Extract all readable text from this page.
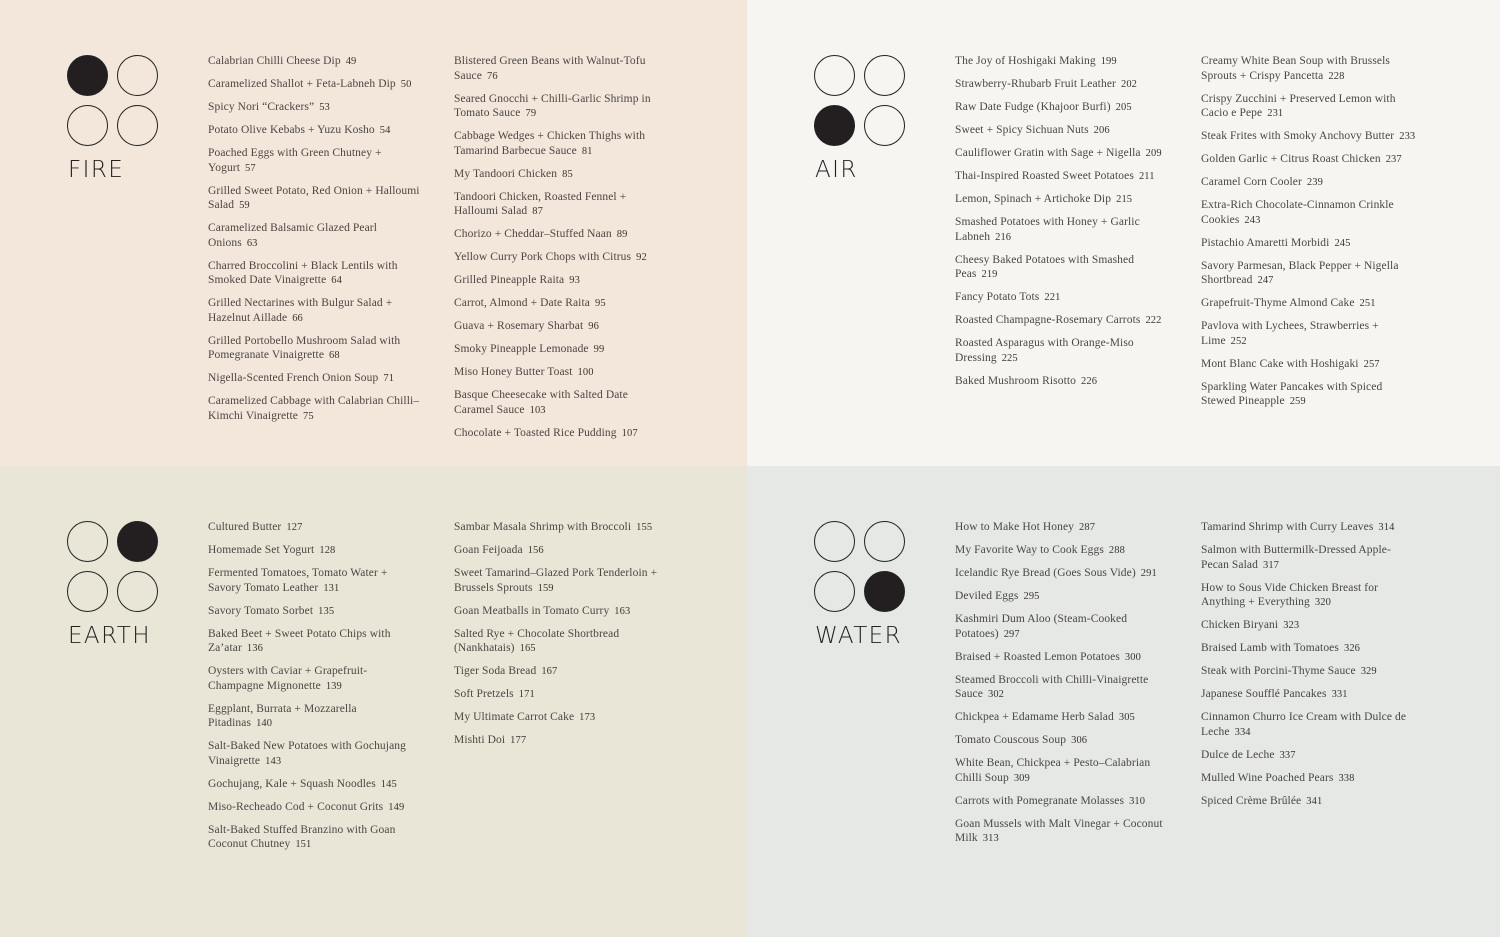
FIRE
Calabrian Chilli Cheese Dip 49
Caramelized Shallot + Feta-Labneh Dip 50
Spicy Nori “Crackers” 53
Potato Olive Kebabs + Yuzu Kosho 54
Poached Eggs with Green Chutney + Yogurt 57
Grilled Sweet Potato, Red Onion + Halloumi Salad 59
Caramelized Balsamic Glazed Pearl Onions 63
Charred Broccolini + Black Lentils with Smoked Date Vinaigrette 64
Grilled Nectarines with Bulgur Salad + Hazelnut Aillade 66
Grilled Portobello Mushroom Salad with Pomegranate Vinaigrette 68
Nigella-Scented French Onion Soup 71
Caramelized Cabbage with Calabrian Chilli–Kimchi Vinaigrette 75
Blistered Green Beans with Walnut-Tofu Sauce 76
Seared Gnocchi + Chilli-Garlic Shrimp in Tomato Sauce 79
Cabbage Wedges + Chicken Thighs with Tamarind Barbecue Sauce 81
My Tandoori Chicken 85
Tandoori Chicken, Roasted Fennel + Halloumi Salad 87
Chorizo + Cheddar–Stuffed Naan 89
Yellow Curry Pork Chops with Citrus 92
Grilled Pineapple Raita 93
Carrot, Almond + Date Raita 95
Guava + Rosemary Sharbat 96
Smoky Pineapple Lemonade 99
Miso Honey Butter Toast 100
Basque Cheesecake with Salted Date Caramel Sauce 103
Chocolate + Toasted Rice Pudding 107
AIR
The Joy of Hoshigaki Making 199
Strawberry-Rhubarb Fruit Leather 202
Raw Date Fudge (Khajoor Burfi) 205
Sweet + Spicy Sichuan Nuts 206
Cauliflower Gratin with Sage + Nigella 209
Thai-Inspired Roasted Sweet Potatoes 211
Lemon, Spinach + Artichoke Dip 215
Smashed Potatoes with Honey + Garlic Labneh 216
Cheesy Baked Potatoes with Smashed Peas 219
Fancy Potato Tots 221
Roasted Champagne-Rosemary Carrots 222
Roasted Asparagus with Orange-Miso Dressing 225
Baked Mushroom Risotto 226
Creamy White Bean Soup with Brussels Sprouts + Crispy Pancetta 228
Crispy Zucchini + Preserved Lemon with Cacio e Pepe 231
Steak Frites with Smoky Anchovy Butter 233
Golden Garlic + Citrus Roast Chicken 237
Caramel Corn Cooler 239
Extra-Rich Chocolate-Cinnamon Crinkle Cookies 243
Pistachio Amaretti Morbidi 245
Savory Parmesan, Black Pepper + Nigella Shortbread 247
Grapefruit-Thyme Almond Cake 251
Pavlova with Lychees, Strawberries + Lime 252
Mont Blanc Cake with Hoshigaki 257
Sparkling Water Pancakes with Spiced Stewed Pineapple 259
EARTH
Cultured Butter 127
Homemade Set Yogurt 128
Fermented Tomatoes, Tomato Water + Savory Tomato Leather 131
Savory Tomato Sorbet 135
Baked Beet + Sweet Potato Chips with Za’atar 136
Oysters with Caviar + Grapefruit-Champagne Mignonette 139
Eggplant, Burrata + Mozzarella Pitadinas 140
Salt-Baked New Potatoes with Gochujang Vinaigrette 143
Gochujang, Kale + Squash Noodles 145
Miso-Recheado Cod + Coconut Grits 149
Salt-Baked Stuffed Branzino with Goan Coconut Chutney 151
Sambar Masala Shrimp with Broccoli 155
Goan Feijoada 156
Sweet Tamarind–Glazed Pork Tenderloin + Brussels Sprouts 159
Goan Meatballs in Tomato Curry 163
Salted Rye + Chocolate Shortbread (Nankhatais) 165
Tiger Soda Bread 167
Soft Pretzels 171
My Ultimate Carrot Cake 173
Mishti Doi 177
WATER
How to Make Hot Honey 287
My Favorite Way to Cook Eggs 288
Icelandic Rye Bread (Goes Sous Vide) 291
Deviled Eggs 295
Kashmiri Dum Aloo (Steam-Cooked Potatoes) 297
Braised + Roasted Lemon Potatoes 300
Steamed Broccoli with Chilli-Vinaigrette Sauce 302
Chickpea + Edamame Herb Salad 305
Tomato Couscous Soup 306
White Bean, Chickpea + Pesto–Calabrian Chilli Soup 309
Carrots with Pomegranate Molasses 310
Goan Mussels with Malt Vinegar + Coconut Milk 313
Tamarind Shrimp with Curry Leaves 314
Salmon with Buttermilk-Dressed Apple-Pecan Salad 317
How to Sous Vide Chicken Breast for Anything + Everything 320
Chicken Biryani 323
Braised Lamb with Tomatoes 326
Steak with Porcini-Thyme Sauce 329
Japanese Soufflé Pancakes 331
Cinnamon Churro Ice Cream with Dulce de Leche 334
Dulce de Leche 337
Mulled Wine Poached Pears 338
Spiced Crème Brûlée 341
